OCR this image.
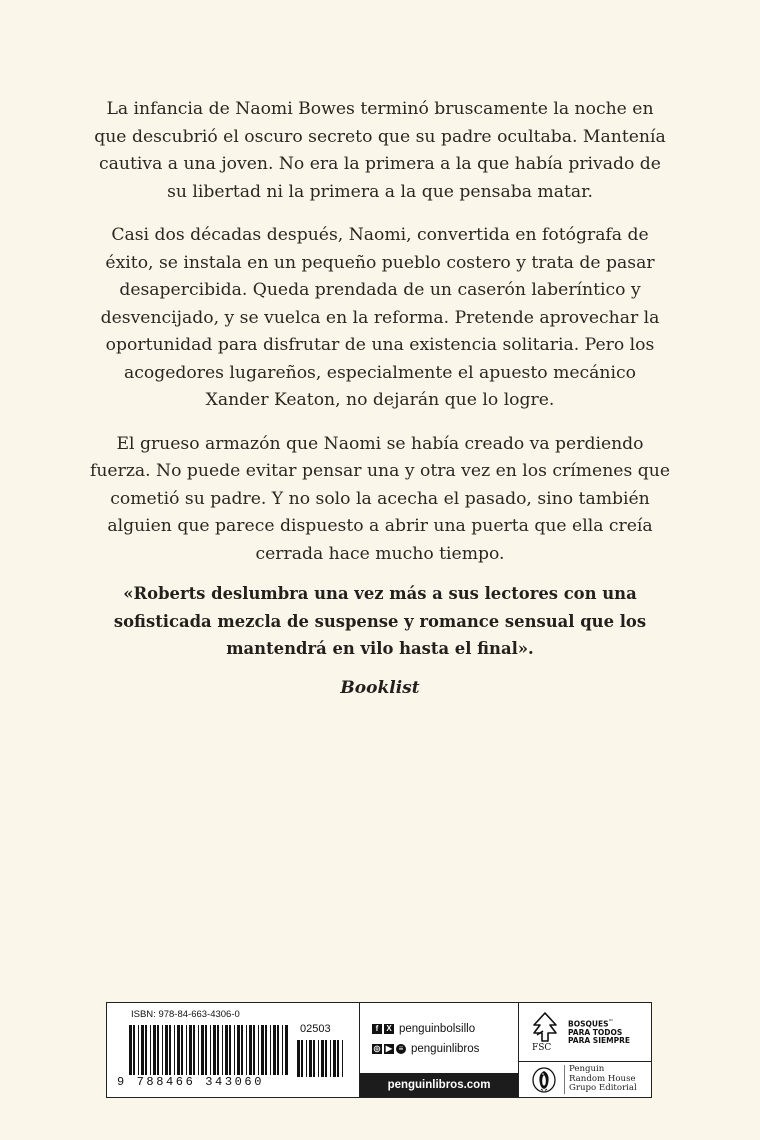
La infancia de Naomi Bowes terminó bruscamente la noche en que descubrió el oscuro secreto que su padre ocultaba. Mantenía cautiva a una joven. No era la primera a la que había privado de su libertad ni la primera a la que pensaba matar.

Casi dos décadas después, Naomi, convertida en fotógrafa de éxito, se instala en un pequeño pueblo costero y trata de pasar desapercibida. Queda prendada de un caserón laberíntico y desvencijado, y se vuelca en la reforma. Pretende aprovechar la oportunidad para disfrutar de una existencia solitaria. Pero los acogedores lugareños, especialmente el apuesto mecánico Xander Keaton, no dejarán que lo logre.

El grueso armazón que Naomi se había creado va perdiendo fuerza. No puede evitar pensar una y otra vez en los crímenes que cometió su padre. Y no solo la acecha el pasado, sino también alguien que parece dispuesto a abrir una puerta que ella creía cerrada hace mucho tiempo.

«Roberts deslumbra una vez más a sus lectores con una sofisticada mezcla de suspense y romance sensual que los mantendrá en vilo hasta el final».

Booklist
ISBN: 978-84-663-4306-0
02503
9 788466 343060
f	X penguinbolsillo
◎ ▶ ≡ penguinlibros
penguinlibros.com
FSC
BOSQUES™
PARA TODOS
PARA SIEMPRE
Penguin
Random House
Grupo Editorial
